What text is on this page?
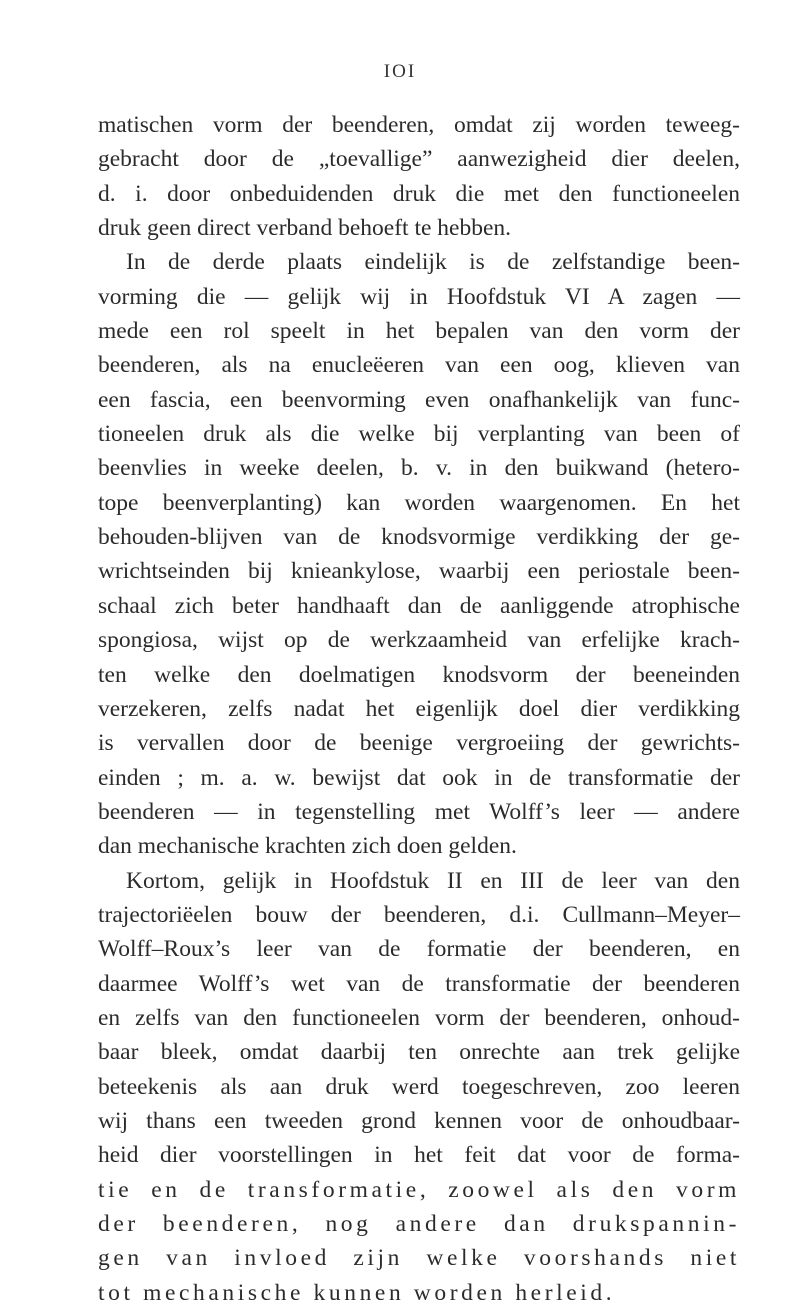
IOI
matischen vorm der beenderen, omdat zij worden teweeg-
gebracht door de „toevallige” aanwezigheid dier deelen,
d. i. door onbeduidenden druk die met den functioneelen
druk geen direct verband behoeft te hebben.
In de derde plaats eindelijk is de zelfstandige been-
vorming die — gelijk wij in Hoofdstuk VI A zagen —
mede een rol speelt in het bepalen van den vorm der
beenderen, als na enucleëeren van een oog, klieven van
een fascia, een beenvorming even onafhankelijk van func-
tioneelen druk als die welke bij verplanting van been of
beenvlies in weeke deelen, b. v. in den buikwand (hetero-
tope beenverplanting) kan worden waargenomen. En het
behouden-blijven van de knodsvormige verdikking der ge-
wrichtseinden bij knieankylose, waarbij een periostale been-
schaal zich beter handhaaft dan de aanliggende atrophische
spongiosa, wijst op de werkzaamheid van erfelijke krach-
ten welke den doelmatigen knodsvorm der beeneinden
verzekeren, zelfs nadat het eigenlijk doel dier verdikking
is vervallen door de beenige vergroeiing der gewrichts-
einden ; m. a. w. bewijst dat ook in de transformatie der
beenderen — in tegenstelling met Wolff’s leer — andere
dan mechanische krachten zich doen gelden.
Kortom, gelijk in Hoofdstuk II en III de leer van den
trajectoriëelen bouw der beenderen, d.i. Cullmann–Meyer–
Wolff–Roux’s leer van de formatie der beenderen, en
daarmee Wolff’s wet van de transformatie der beenderen
en zelfs van den functioneelen vorm der beenderen, onhoud-
baar bleek, omdat daarbij ten onrechte aan trek gelijke
beteekenis als aan druk werd toegeschreven, zoo leeren
wij thans een tweeden grond kennen voor de onhoudbaar-
heid dier voorstellingen in het feit dat voor de forma-
tie en de transformatie, zoowel als den vorm
der beenderen, nog andere dan drukspannin-
gen van invloed zijn welke voorshands niet
tot mechanische kunnen worden herleid.
